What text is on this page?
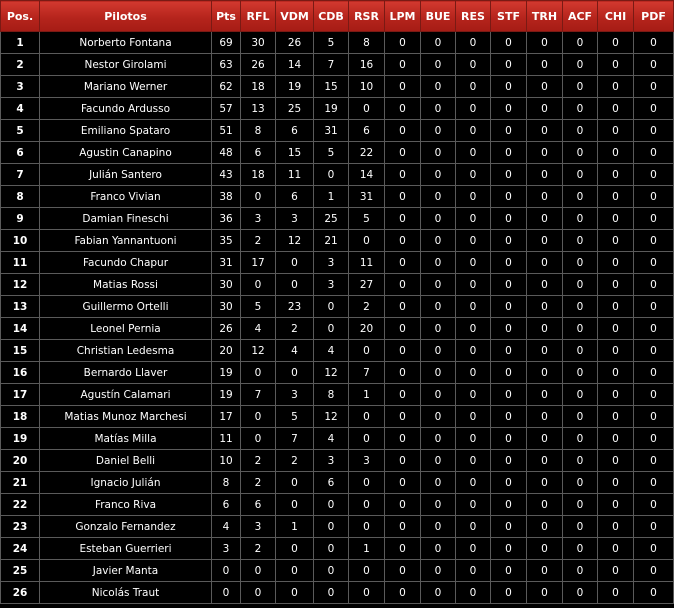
Pos.	Pilotos	Pts	RFL	VDM	CDB	RSR	LPM	BUE	RES	STF	TRH	ACF	CHI	PDF
1	Norberto Fontana	69	30	26	5	8	0	0	0	0	0	0	0	0
2	Nestor Girolami	63	26	14	7	16	0	0	0	0	0	0	0	0
3	Mariano Werner	62	18	19	15	10	0	0	0	0	0	0	0	0
4	Facundo Ardusso	57	13	25	19	0	0	0	0	0	0	0	0	0
5	Emiliano Spataro	51	8	6	31	6	0	0	0	0	0	0	0	0
6	Agustin Canapino	48	6	15	5	22	0	0	0	0	0	0	0	0
7	Julián Santero	43	18	11	0	14	0	0	0	0	0	0	0	0
8	Franco Vivian	38	0	6	1	31	0	0	0	0	0	0	0	0
9	Damian Fineschi	36	3	3	25	5	0	0	0	0	0	0	0	0
10	Fabian Yannantuoni	35	2	12	21	0	0	0	0	0	0	0	0	0
11	Facundo Chapur	31	17	0	3	11	0	0	0	0	0	0	0	0
12	Matias Rossi	30	0	0	3	27	0	0	0	0	0	0	0	0
13	Guillermo Ortelli	30	5	23	0	2	0	0	0	0	0	0	0	0
14	Leonel Pernia	26	4	2	0	20	0	0	0	0	0	0	0	0
15	Christian Ledesma	20	12	4	4	0	0	0	0	0	0	0	0	0
16	Bernardo Llaver	19	0	0	12	7	0	0	0	0	0	0	0	0
17	Agustín Calamari	19	7	3	8	1	0	0	0	0	0	0	0	0
18	Matias Munoz Marchesi	17	0	5	12	0	0	0	0	0	0	0	0	0
19	Matías Milla	11	0	7	4	0	0	0	0	0	0	0	0	0
20	Daniel Belli	10	2	2	3	3	0	0	0	0	0	0	0	0
21	Ignacio Julián	8	2	0	6	0	0	0	0	0	0	0	0	0
22	Franco Riva	6	6	0	0	0	0	0	0	0	0	0	0	0
23	Gonzalo Fernandez	4	3	1	0	0	0	0	0	0	0	0	0	0
24	Esteban Guerrieri	3	2	0	0	1	0	0	0	0	0	0	0	0
25	Javier Manta	0	0	0	0	0	0	0	0	0	0	0	0	0
26	Nicolás Traut	0	0	0	0	0	0	0	0	0	0	0	0	0
